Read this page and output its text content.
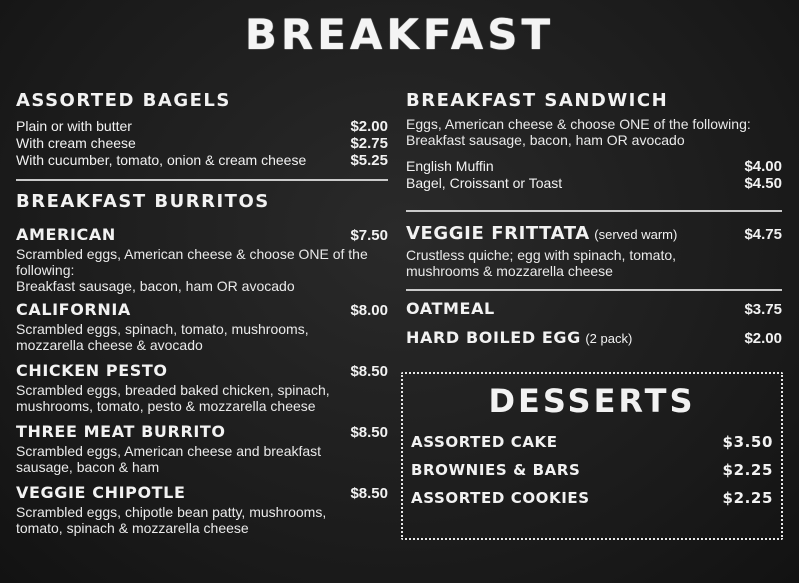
BREAKFAST
ASSORTED BAGELS
Plain or with butter	$2.00
With cream cheese	$2.75
With cucumber, tomato, onion & cream cheese	$5.25
BREAKFAST BURRITOS
AMERICAN	$7.50
Scrambled eggs, American cheese & choose ONE of the following:
Breakfast sausage, bacon, ham OR avocado
CALIFORNIA	$8.00
Scrambled eggs, spinach, tomato, mushrooms, mozzarella cheese & avocado
CHICKEN PESTO	$8.50
Scrambled eggs, breaded baked chicken, spinach, mushrooms, tomato, pesto & mozzarella cheese
THREE MEAT BURRITO	$8.50
Scrambled eggs, American cheese and breakfast sausage, bacon & ham
VEGGIE CHIPOTLE	$8.50
Scrambled eggs, chipotle bean patty, mushrooms, tomato, spinach & mozzarella cheese
BREAKFAST SANDWICH
Eggs, American cheese & choose ONE of the following:
Breakfast sausage, bacon, ham OR avocado
English Muffin	$4.00
Bagel, Croissant or Toast	$4.50
VEGGIE FRITTATA (served warm)	$4.75
Crustless quiche; egg with spinach, tomato, mushrooms & mozzarella cheese
OATMEAL	$3.75
HARD BOILED EGG (2 pack)	$2.00
DESSERTS
ASSORTED CAKE	$3.50
BROWNIES & BARS	$2.25
ASSORTED COOKIES	$2.25
